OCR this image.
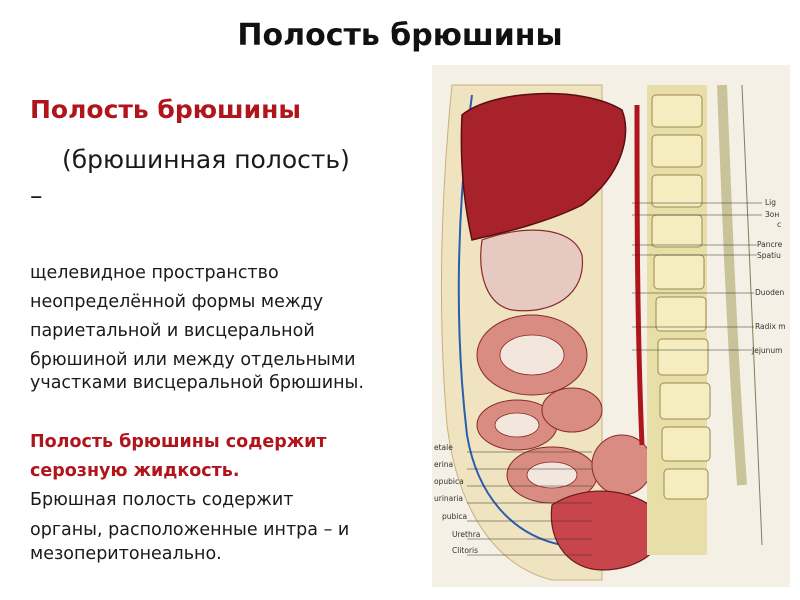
Полость брюшины
Полость брюшины
(брюшинная полость) –
щелевидное пространство
неопределённой формы между
париетальной и висцеральной
брюшиной или между отдельными
участками висцеральной брюшины.
Полость брюшины содержит
серозную жидкость.
Брюшная полость содержит
органы, расположенные интра – и
мезоперитонеально.
Lig
Зон
c
Pancre
Spatiu
Duoden
Radix m
Jejunum
etale
erina
opubica
urinaria
pubica
Urethra
Clitoris
